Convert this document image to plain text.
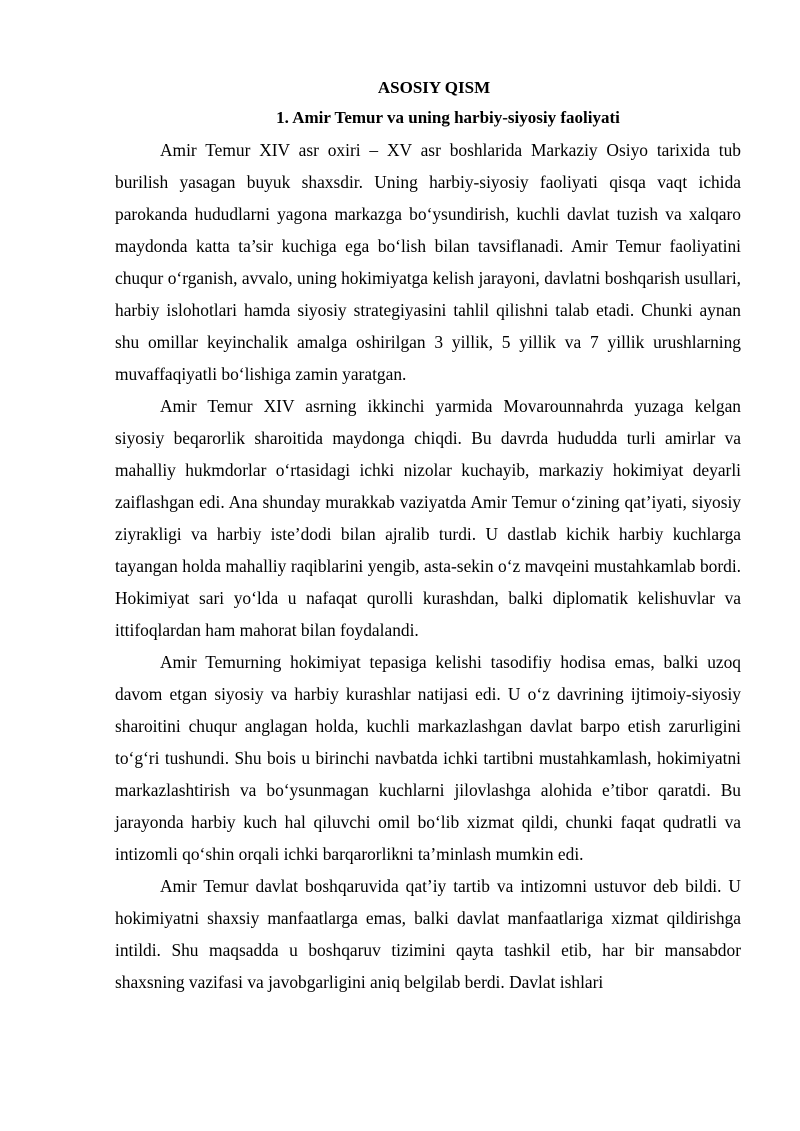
ASOSIY QISM
1. Amir Temur va uning harbiy-siyosiy faoliyati

Amir Temur XIV asr oxiri – XV asr boshlarida Markaziy Osiyo tarixida tub burilish yasagan buyuk shaxsdir. Uning harbiy-siyosiy faoliyati qisqa vaqt ichida parokanda hududlarni yagona markazga bo‘ysundirish, kuchli davlat tuzish va xalqaro maydonda katta ta’sir kuchiga ega bo‘lish bilan tavsiflanadi. Amir Temur faoliyatini chuqur o‘rganish, avvalo, uning hokimiyatga kelish jarayoni, davlatni boshqarish usullari, harbiy islohotlari hamda siyosiy strategiyasini tahlil qilishni talab etadi. Chunki aynan shu omillar keyinchalik amalga oshirilgan 3 yillik, 5 yillik va 7 yillik urushlarning muvaffaqiyatli bo‘lishiga zamin yaratgan.

Amir Temur XIV asrning ikkinchi yarmida Movarounnahrda yuzaga kelgan siyosiy beqarorlik sharoitida maydonga chiqdi. Bu davrda hududda turli amirlar va mahalliy hukmdorlar o‘rtasidagi ichki nizolar kuchayib, markaziy hokimiyat deyarli zaiflashgan edi. Ana shunday murakkab vaziyatda Amir Temur o‘zining qat’iyati, siyosiy ziyrakligi va harbiy iste’dodi bilan ajralib turdi. U dastlab kichik harbiy kuchlarga tayangan holda mahalliy raqiblarini yengib, asta-sekin o‘z mavqeini mustahkamlab bordi. Hokimiyat sari yo‘lda u nafaqat qurolli kurashdan, balki diplomatik kelishuvlar va ittifoqlardan ham mahorat bilan foydalandi.

Amir Temurning hokimiyat tepasiga kelishi tasodifiy hodisa emas, balki uzoq davom etgan siyosiy va harbiy kurashlar natijasi edi. U o‘z davrining ijtimoiy-siyosiy sharoitini chuqur anglagan holda, kuchli markazlashgan davlat barpo etish zarurligini to‘g‘ri tushundi. Shu bois u birinchi navbatda ichki tartibni mustahkamlash, hokimiyatni markazlashtirish va bo‘ysunmagan kuchlarni jilovlashga alohida e’tibor qaratdi. Bu jarayonda harbiy kuch hal qiluvchi omil bo‘lib xizmat qildi, chunki faqat qudratli va intizomli qo‘shin orqali ichki barqarorlikni ta’minlash mumkin edi.

Amir Temur davlat boshqaruvida qat’iy tartib va intizomni ustuvor deb bildi. U hokimiyatni shaxsiy manfaatlarga emas, balki davlat manfaatlariga xizmat qildirishga intildi. Shu maqsadda u boshqaruv tizimini qayta tashkil etib, har bir mansabdor shaxsning vazifasi va javobgarligini aniq belgilab berdi. Davlat ishlari
